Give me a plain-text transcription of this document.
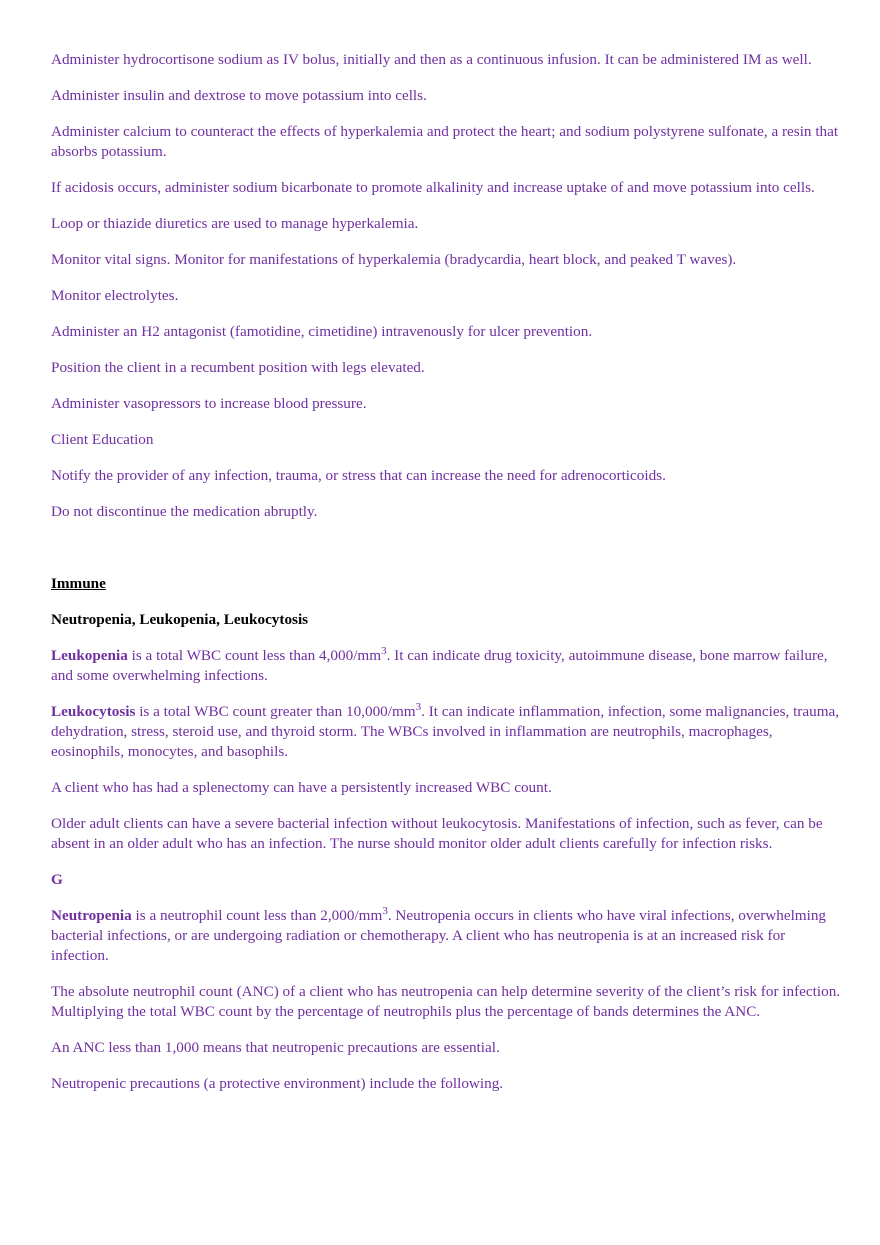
Administer hydrocortisone sodium as IV bolus, initially and then as a continuous infusion. It can be administered IM as well.

Administer insulin and dextrose to move potassium into cells.

Administer calcium to counteract the effects of hyperkalemia and protect the heart; and sodium polystyrene sulfonate, a resin that absorbs potassium.

If acidosis occurs, administer sodium bicarbonate to promote alkalinity and increase uptake of and move potassium into cells.

Loop or thiazide diuretics are used to manage hyperkalemia.

Monitor vital signs. Monitor for manifestations of hyperkalemia (bradycardia, heart block, and peaked T waves).

Monitor electrolytes.

Administer an H2 antagonist (famotidine, cimetidine) intravenously for ulcer prevention.

Position the client in a recumbent position with legs elevated.

Administer vasopressors to increase blood pressure.

Client Education

Notify the provider of any infection, trauma, or stress that can increase the need for adrenocorticoids.

Do not discontinue the medication abruptly.

Immune
Neutropenia, Leukopenia, Leukocytosis

Leukopenia is a total WBC count less than $4,000/mm^3$. It can indicate drug toxicity, autoimmune disease, bone marrow failure, and some overwhelming infections.

Leukocytosis is a total WBC count greater than $10,000/mm^3$. It can indicate inflammation, infection, some malignancies, trauma, dehydration, stress, steroid use, and thyroid storm. The WBCs involved in inflammation are neutrophils, macrophages, eosinophils, monocytes, and basophils.

A client who has had a splenectomy can have a persistently increased WBC count.

Older adult clients can have a severe bacterial infection without leukocytosis. Manifestations of infection, such as fever, can be absent in an older adult who has an infection. The nurse should monitor older adult clients carefully for infection risks.

G

Neutropenia is a neutrophil count less than $2,000/mm^3$. Neutropenia occurs in clients who have viral infections, overwhelming bacterial infections, or are undergoing radiation or chemotherapy. A client who has neutropenia is at an increased risk for infection.

The absolute neutrophil count (ANC) of a client who has neutropenia can help determine severity of the client’s risk for infection. Multiplying the total WBC count by the percentage of neutrophils plus the percentage of bands determines the ANC.

An ANC less than 1,000 means that neutropenic precautions are essential.

Neutropenic precautions (a protective environment) include the following.
